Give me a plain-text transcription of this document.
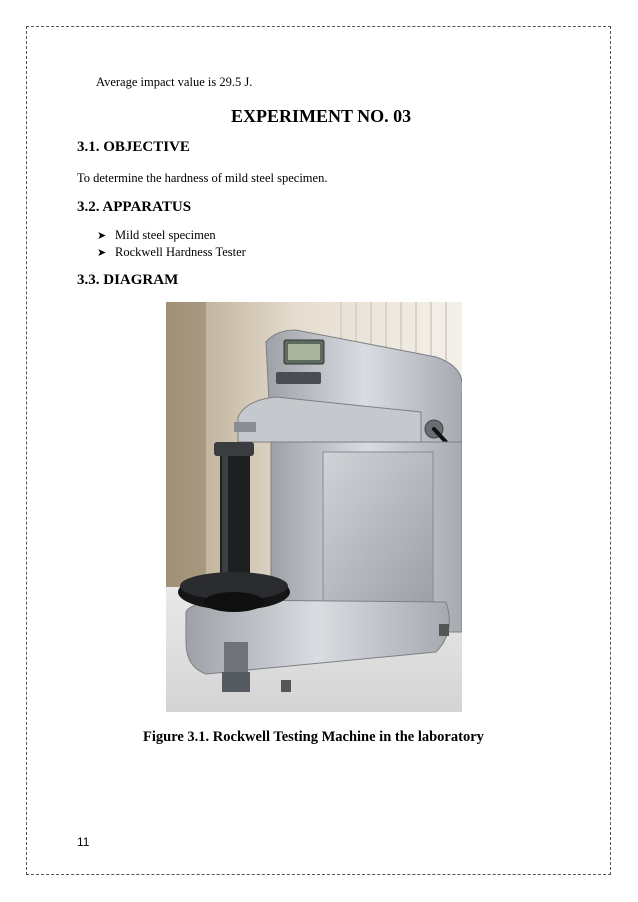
Average impact value is 29.5 J.
EXPERIMENT NO. 03
3.1. OBJECTIVE
To determine the hardness of mild steel specimen.
3.2. APPARATUS
➤ Mild steel specimen
➤ Rockwell Hardness Tester
3.3. DIAGRAM
Figure 3.1. Rockwell Testing Machine in the laboratory
11
